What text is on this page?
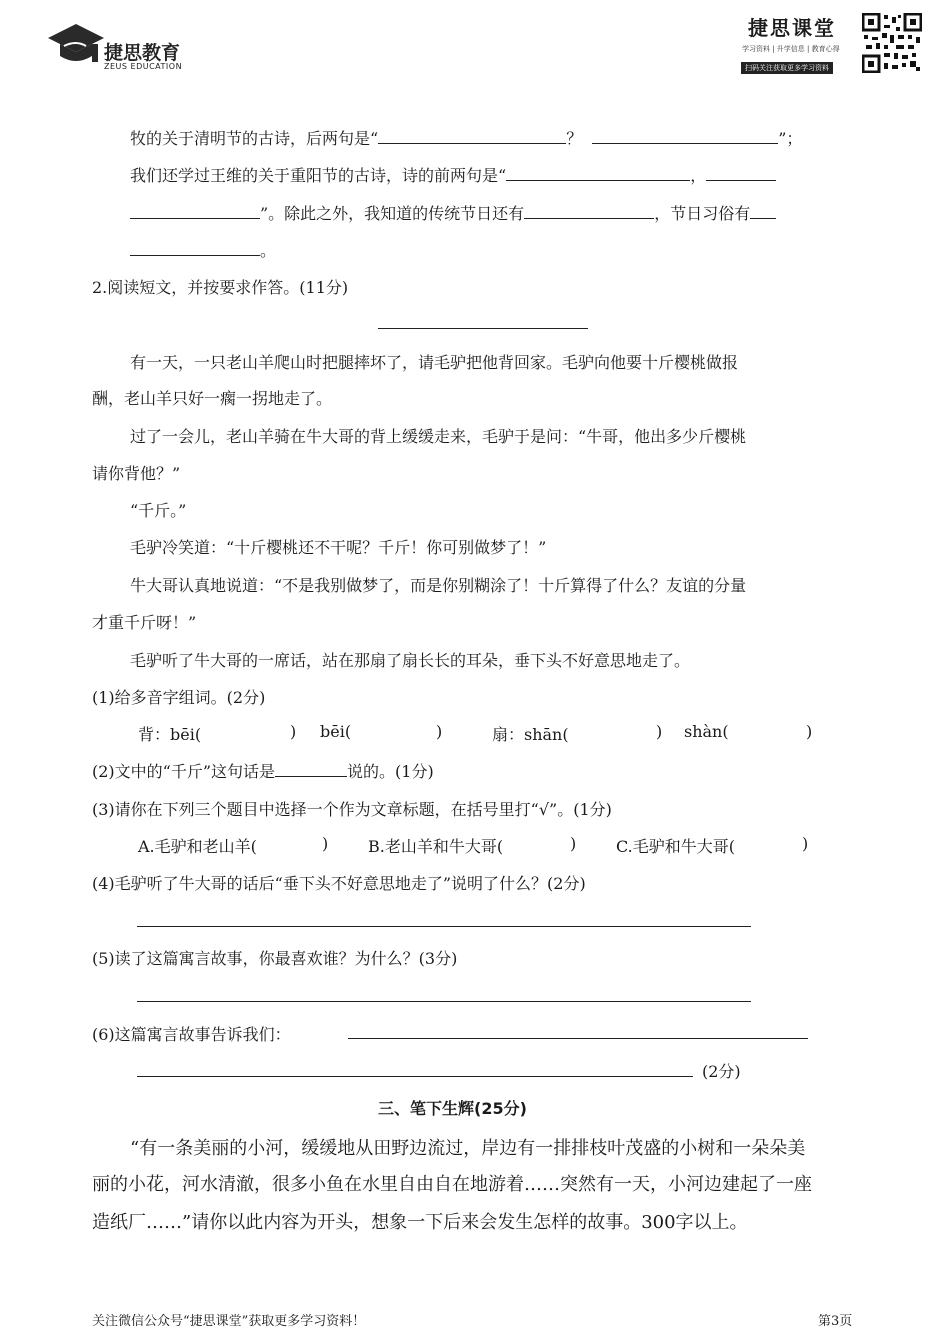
捷思教育
ZEUS EDUCATION
捷思课堂
学习资料 | 升学信息 | 教育心得
扫码关注获取更多学习资料
牧的关于清明节的古诗，后两句是“	？	”；
我们还学过王维的关于重阳节的古诗，诗的前两句是“	，
”。除此之外，我知道的传统节日还有	，节日习俗有
。
2.阅读短文，并按要求作答。(11分)
有一天，一只老山羊爬山时把腿摔坏了，请毛驴把他背回家。毛驴向他要十斤樱桃做报
酬，老山羊只好一瘸一拐地走了。
过了一会儿，老山羊骑在牛大哥的背上缓缓走来，毛驴于是问：“牛哥，他出多少斤樱桃
请你背他？”
“千斤。”
毛驴冷笑道：“十斤樱桃还不干呢？千斤！你可别做梦了！”
牛大哥认真地说道：“不是我别做梦了，而是你别糊涂了！十斤算得了什么？友谊的分量
才重千斤呀！”
毛驴听了牛大哥的一席话，站在那扇了扇长长的耳朵，垂下头不好意思地走了。
(1)给多音字组词。(2分)
背：bēi(	) bēi(	)	扇：shān(	) shàn(	)
(2)文中的“千斤”这句话是	说的。(1分)
(3)请你在下列三个题目中选择一个作为文章标题，在括号里打“√”。(1分)
A.毛驴和老山羊(	) B.老山羊和牛大哥(	) C.毛驴和牛大哥(	)
(4)毛驴听了牛大哥的话后“垂下头不好意思地走了”说明了什么？(2分)
(5)读了这篇寓言故事，你最喜欢谁？为什么？(3分)
(6)这篇寓言故事告诉我们：
(2分)
三、笔下生辉(25分)
“有一条美丽的小河，缓缓地从田野边流过，岸边有一排排枝叶茂盛的小树和一朵朵美
丽的小花，河水清澈，很多小鱼在水里自由自在地游着……突然有一天，小河边建起了一座
造纸厂……”请你以此内容为开头，想象一下后来会发生怎样的故事。300字以上。
关注微信公众号“捷思课堂”获取更多学习资料！	第3页
